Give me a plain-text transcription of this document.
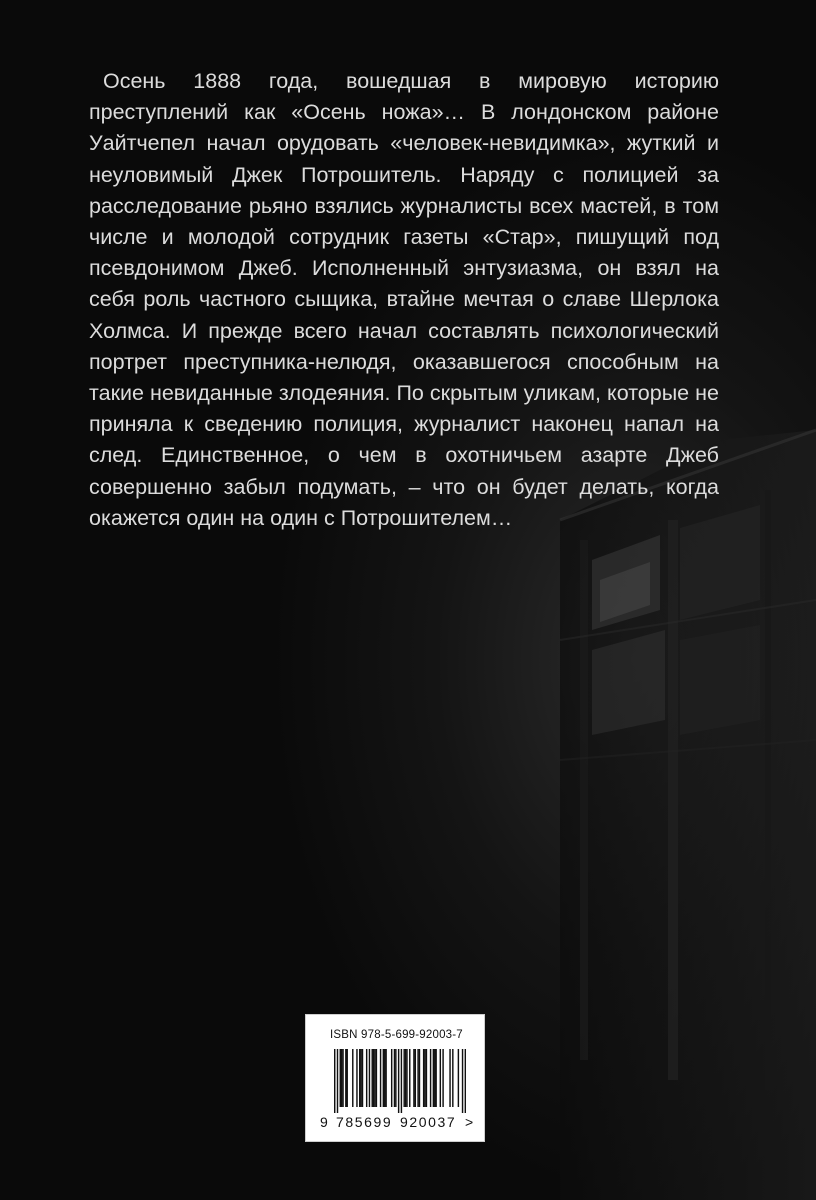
Осень 1888 года, вошедшая в мировую историю преступлений как «Осень ножа»… В лондонском районе Уайтчепел начал орудовать «человек-невидимка», жуткий и неуловимый Джек Потрошитель. Наряду с полицией за расследование рьяно взялись журналисты всех мастей, в том числе и молодой сотрудник газеты «Стар», пишущий под псевдонимом Джеб. Исполненный энтузиазма, он взял на себя роль частного сыщика, втайне мечтая о славе Шерлока Холмса. И прежде всего начал составлять психологический портрет преступника-нелюдя, оказавшегося способным на такие невиданные злодеяния. По скрытым уликам, которые не приняла к сведению полиция, журналист наконец напал на след. Единственное, о чем в охотничьем азарте Джеб совершенно забыл подумать, – что он будет делать, когда окажется один на один с Потрошителем…

ISBN 978-5-699-92003-7
9 785699 920037 >
